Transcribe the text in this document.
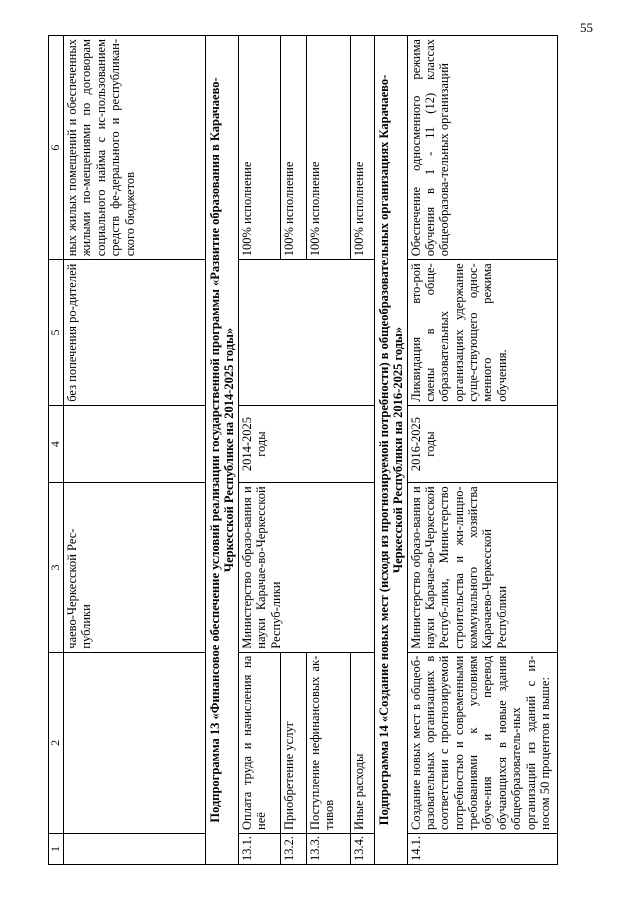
55
1	2	3	4	5	6
		чаево-Черкесской Рес-публики		без попечения ро-дителей	ных жилых помещений и обеспеченных жилыми по-мещениями по договорам социального найма с ис-пользованием средств фе-дерального и республикан-ского бюджетов
Подпрограмма 13 «Финансовое обеспечение условий реализации государственной программы «Развитие образования в Карачаево-Черкесской Республике на 2014-2025 годы»					
13.1.	Оплата труда и начисления на неё	Министерство образо-вания и науки Карачае-во-Черкесской Респуб-лики	2014-2025 годы		100% исполнение
13.2.	Приобретение услуг				100% исполнение
13.3.	Поступление нефинансовых ак-тивов				100% исполнение
13.4.	Иные расходы				100% исполнение
Подпрограмма 14 «Создание новых мест (исходя из прогнозируемой потребности) в общеобразовательных организациях Карачаево-Черкесской Республики на 2016-2025 годы»					
14.1.	Создание новых мест в общеоб-разовательных организациях в соответствии с прогнозируемой потребностью и современными требованиями к условиям обуче-ния и перевод обучающихся в новые здания общеобразователь-ных организаций из зданий с из-носом 50 процентов и выше:	Министерство образо-вания и науки Карачае-во-Черкесской Респуб-лики, Министерство строительства и жи-лищно-коммунального хозяйства Карачаево-Черкесской Республики	2016-2025 годы	Ликвидация вто-рой смены в обще-образовательных организациях удержание суще-ствующего одноc-менного режима обучения.	Обеспечение односменного режима обучения в 1 - 11 (12) классах общеобразова-тельных организаций
